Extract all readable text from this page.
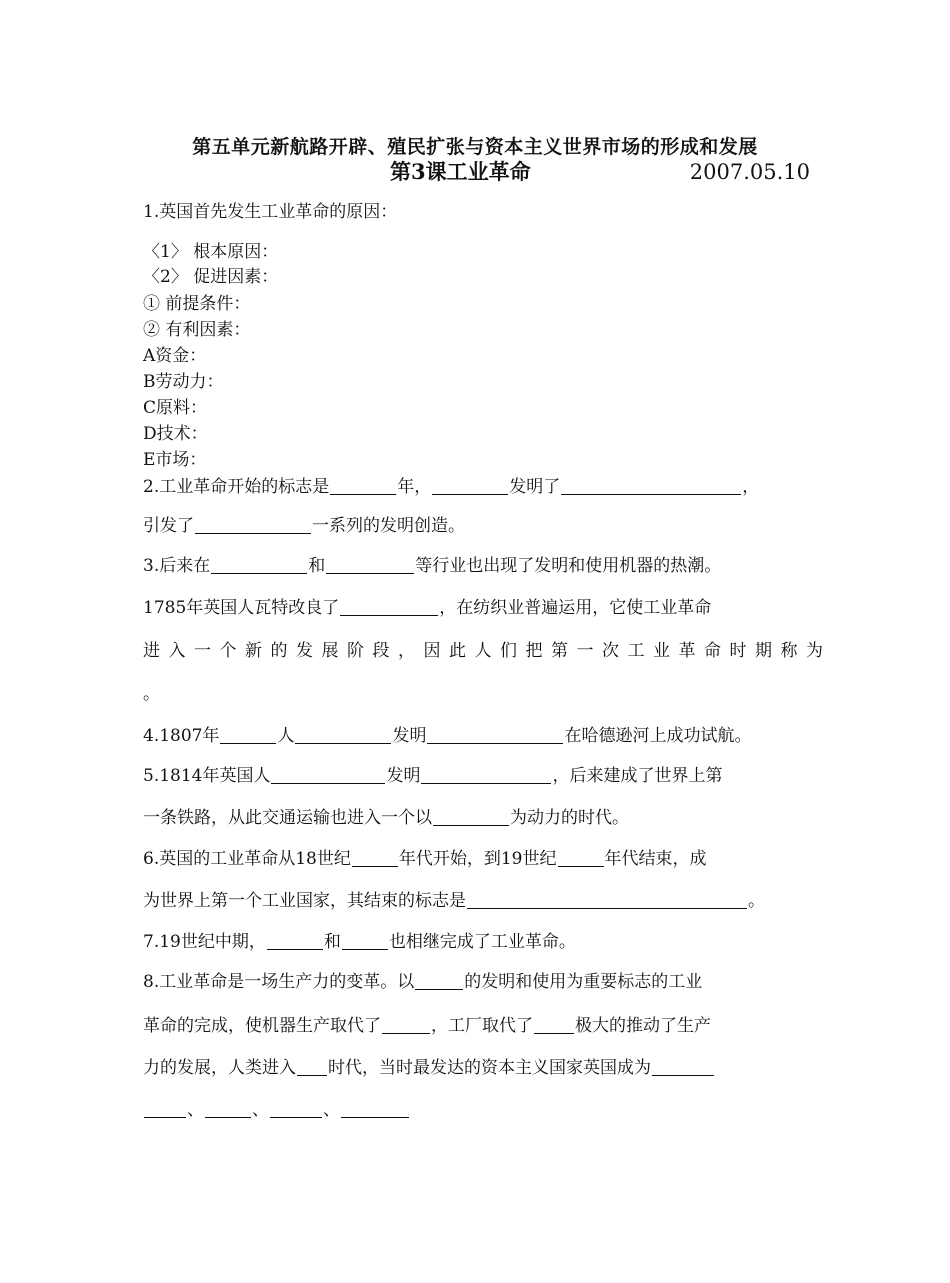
第五单元新航路开辟、殖民扩张与资本主义世界市场的形成和发展
第3课工业革命	2007.05.10
1.英国首先发生工业革命的原因：
〈1〉 根本原因：
〈2〉 促进因素：
① 前提条件：
② 有利因素：
A资金：
B劳动力：
C原料：
D技术：
E市场：
2.工业革命开始的标志是	年，	发明了	，
引发了	一系列的发明创造。
3.后来在	和	等行业也出现了发明和使用机器的热潮。
1785年英国人瓦特改良了	，在纺织业普遍运用，它使工业革命
进入一个新的发展阶段，因此人们把第一次工业革命时期称为
。
4.1807年	人	发明	在哈德逊河上成功试航。
5.1814年英国人	发明	，后来建成了世界上第
一条铁路，从此交通运输也进入一个以	为动力的时代。
6.英国的工业革命从18世纪	年代开始，到19世纪	年代结束，成
为世界上第一个工业国家，其结束的标志是	。
7.19世纪中期，	和	也相继完成了工业革命。
8.工业革命是一场生产力的变革。以	的发明和使用为重要标志的工业
革命的完成，使机器生产取代了	，工厂取代了 极大的推动了生产
力的发展，人类进入 时代，当时最发达的资本主义国家英国成为
、	、	、
